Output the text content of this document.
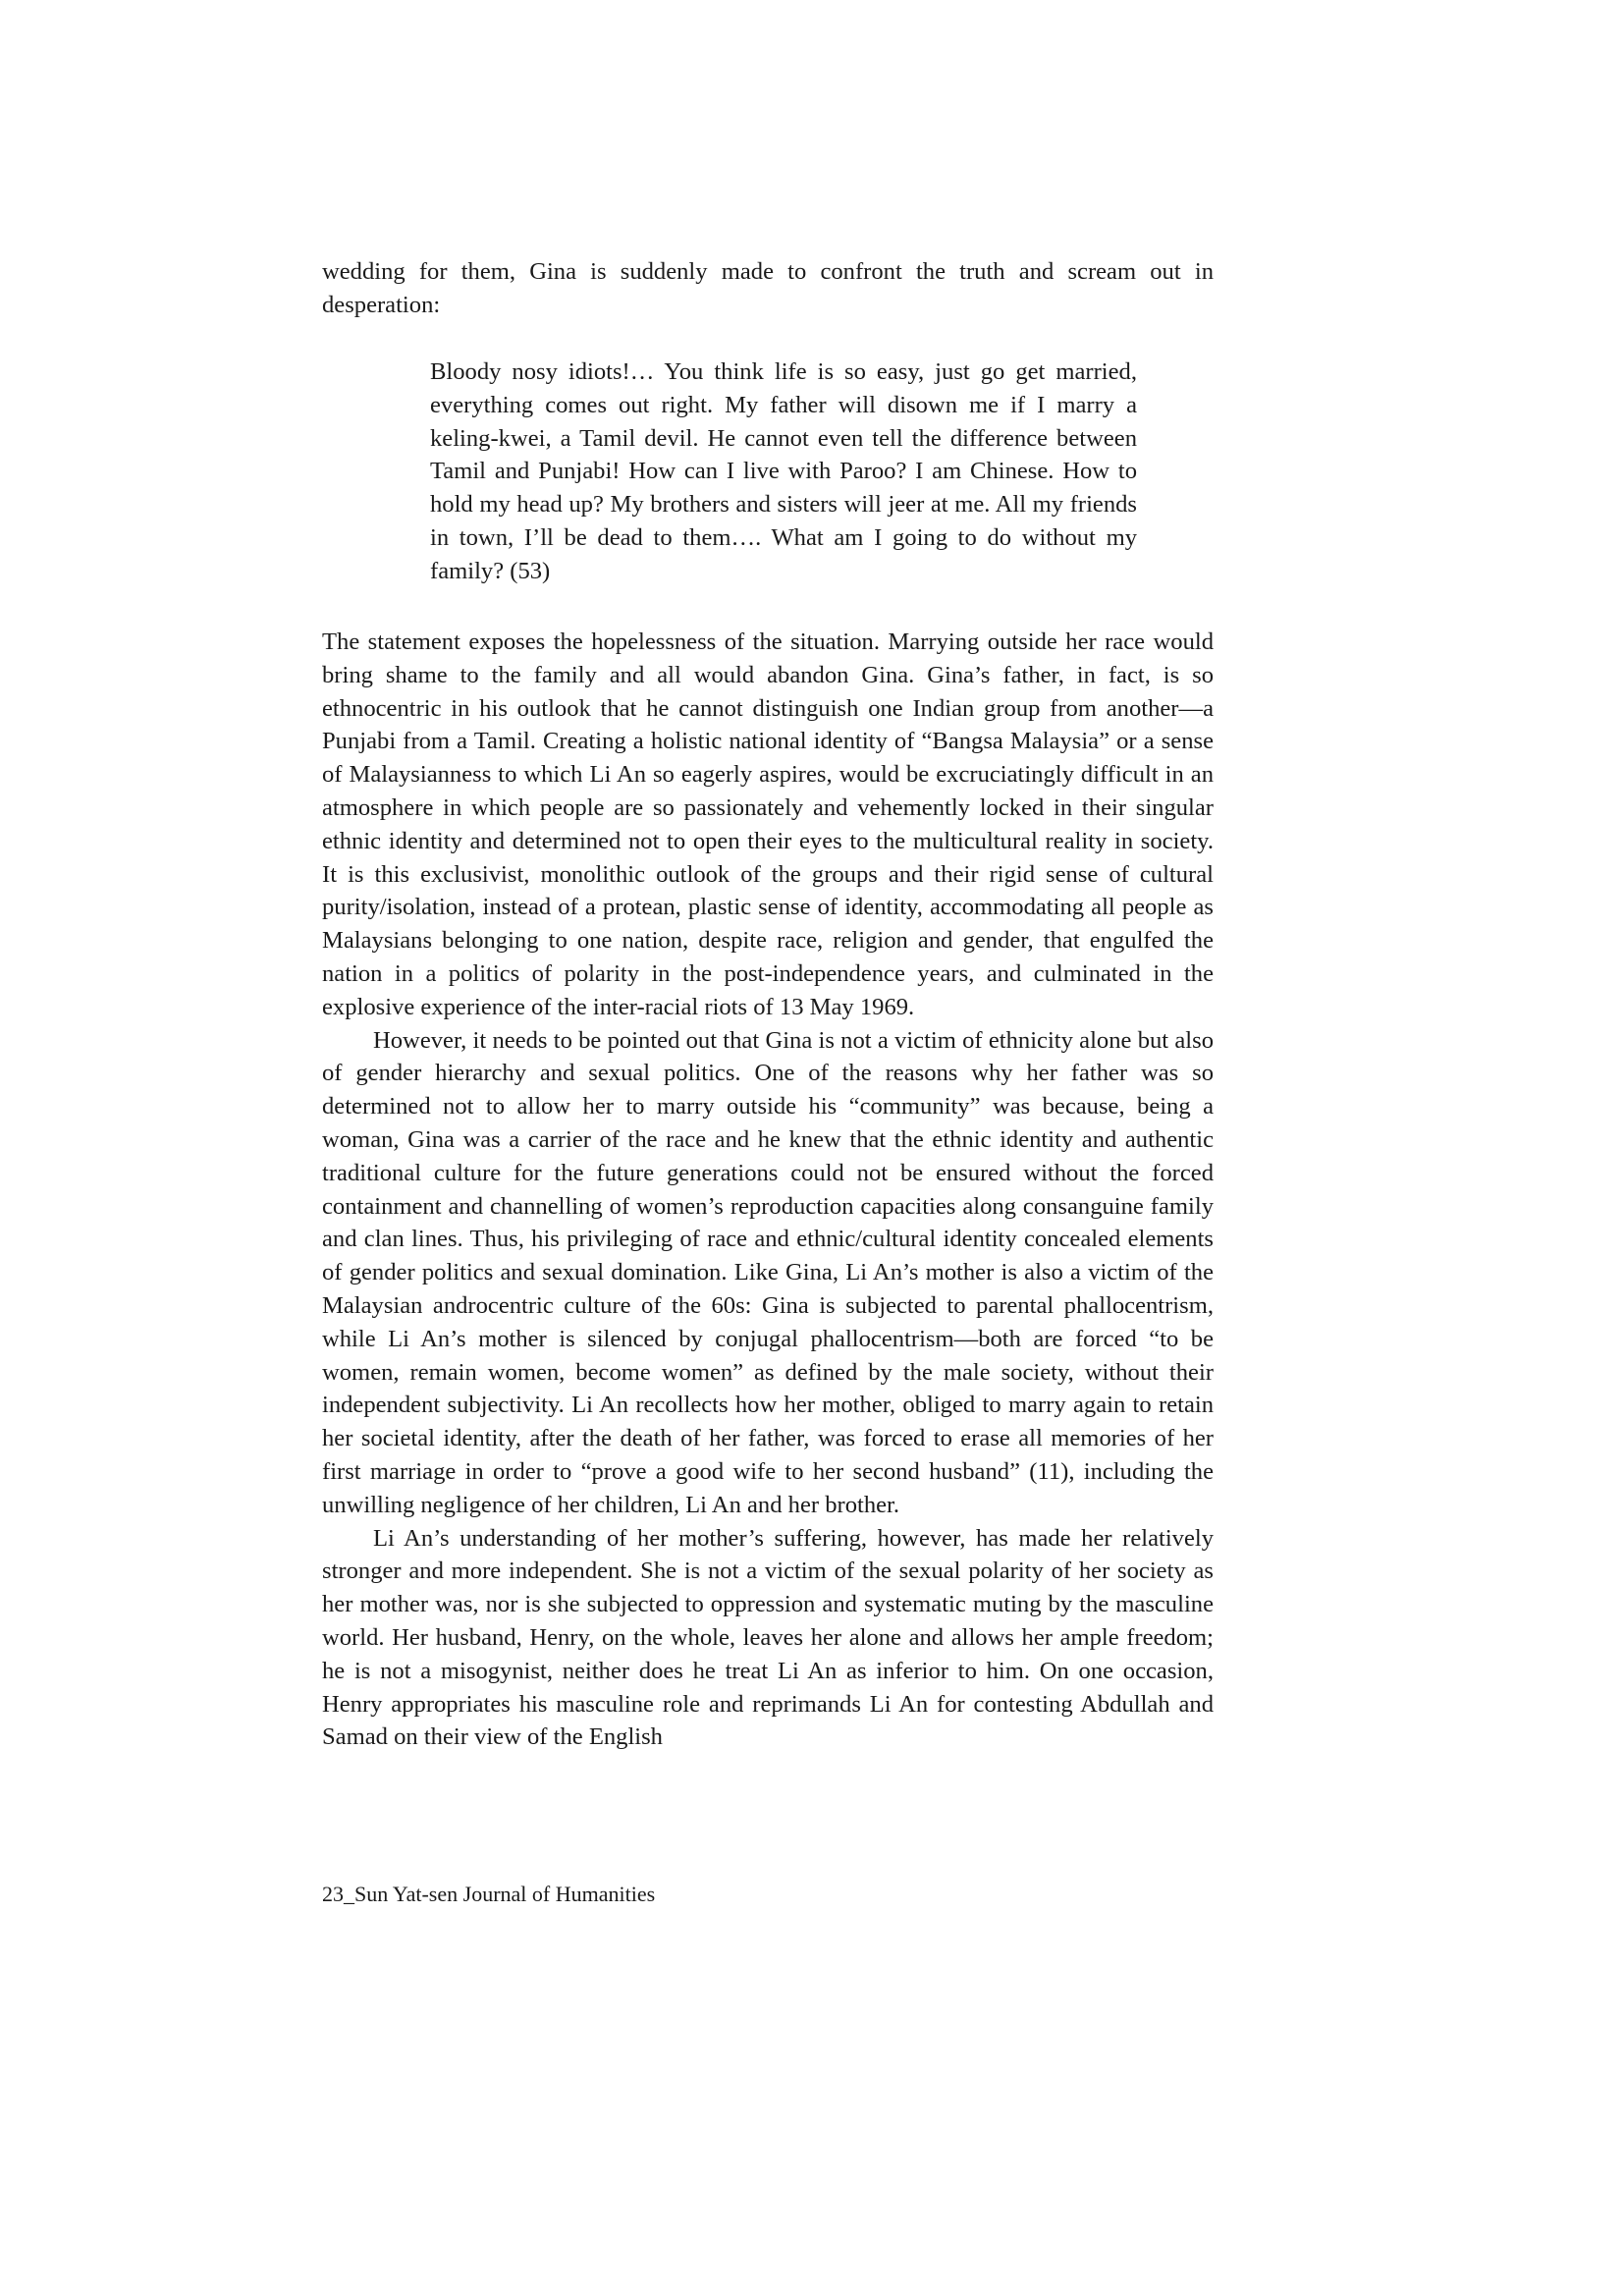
wedding for them, Gina is suddenly made to confront the truth and scream out in desperation:

Bloody nosy idiots!… You think life is so easy, just go get married, everything comes out right. My father will disown me if I marry a keling-kwei, a Tamil devil. He cannot even tell the difference between Tamil and Punjabi! How can I live with Paroo? I am Chinese. How to hold my head up? My brothers and sisters will jeer at me. All my friends in town, I’ll be dead to them…. What am I going to do without my family? (53)

The statement exposes the hopelessness of the situation. Marrying outside her race would bring shame to the family and all would abandon Gina. Gina’s father, in fact, is so ethnocentric in his outlook that he cannot distinguish one Indian group from another—a Punjabi from a Tamil. Creating a holistic national identity of “Bangsa Malaysia” or a sense of Malaysianness to which Li An so eagerly aspires, would be excruciatingly difficult in an atmosphere in which people are so passionately and vehemently locked in their singular ethnic identity and determined not to open their eyes to the multicultural reality in society. It is this exclusivist, monolithic outlook of the groups and their rigid sense of cultural purity/isolation, instead of a protean, plastic sense of identity, accommodating all people as Malaysians belonging to one nation, despite race, religion and gender, that engulfed the nation in a politics of polarity in the post-independence years, and culminated in the explosive experience of the inter-racial riots of 13 May 1969.

However, it needs to be pointed out that Gina is not a victim of ethnicity alone but also of gender hierarchy and sexual politics. One of the reasons why her father was so determined not to allow her to marry outside his “community” was because, being a woman, Gina was a carrier of the race and he knew that the ethnic identity and authentic traditional culture for the future generations could not be ensured without the forced containment and channelling of women’s reproduction capacities along consanguine family and clan lines. Thus, his privileging of race and ethnic/cultural identity concealed elements of gender politics and sexual domination. Like Gina, Li An’s mother is also a victim of the Malaysian androcentric culture of the 60s: Gina is subjected to parental phallocentrism, while Li An’s mother is silenced by conjugal phallocentrism—both are forced “to be women, remain women, become women” as defined by the male society, without their independent subjectivity. Li An recollects how her mother, obliged to marry again to retain her societal identity, after the death of her father, was forced to erase all memories of her first marriage in order to “prove a good wife to her second husband” (11), including the unwilling negligence of her children, Li An and her brother.

Li An’s understanding of her mother’s suffering, however, has made her relatively stronger and more independent. She is not a victim of the sexual polarity of her society as her mother was, nor is she subjected to oppression and systematic muting by the masculine world. Her husband, Henry, on the whole, leaves her alone and allows her ample freedom; he is not a misogynist, neither does he treat Li An as inferior to him. On one occasion, Henry appropriates his masculine role and reprimands Li An for contesting Abdullah and Samad on their view of the English

23_Sun Yat-sen Journal of Humanities
